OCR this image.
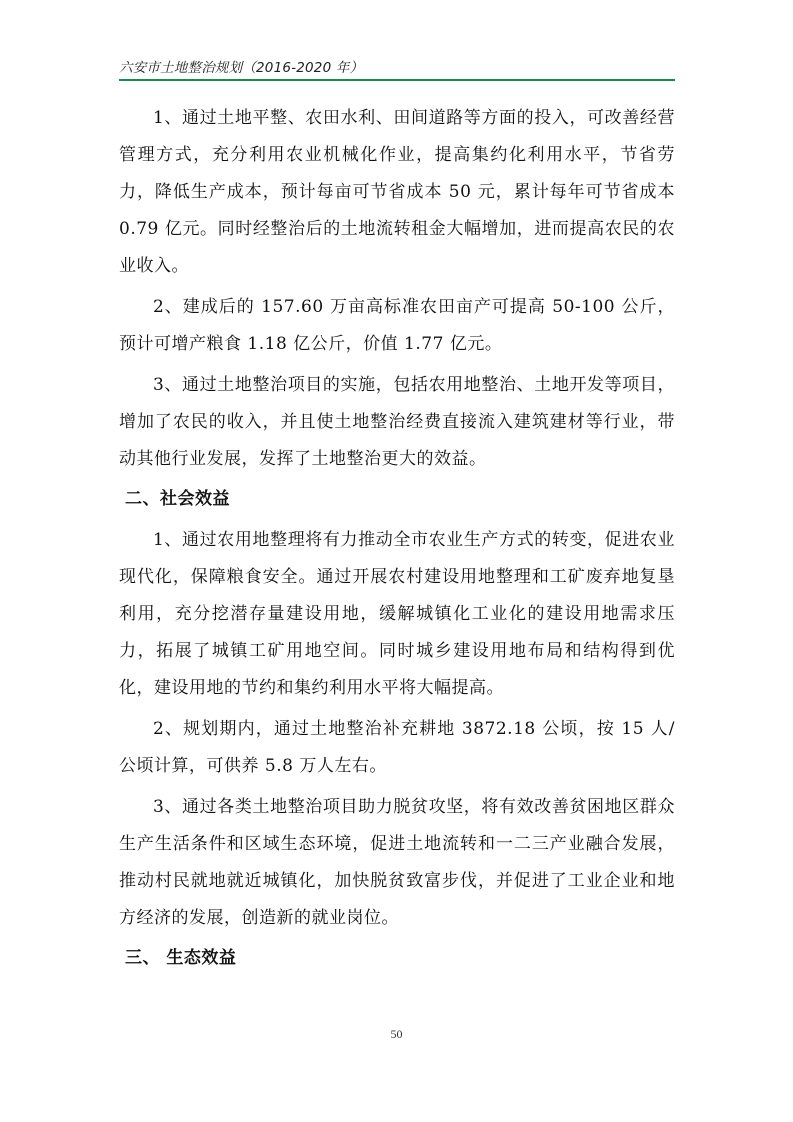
六安市土地整治规划（2016-2020 年）

1、通过土地平整、农田水利、田间道路等方面的投入，可改善经营管理方式，充分利用农业机械化作业，提高集约化利用水平，节省劳力，降低生产成本，预计每亩可节省成本 50 元，累计每年可节省成本 0.79 亿元。同时经整治后的土地流转租金大幅增加，进而提高农民的农业收入。

2、建成后的 157.60 万亩高标准农田亩产可提高 50-100 公斤，预计可增产粮食 1.18 亿公斤，价值 1.77 亿元。

3、通过土地整治项目的实施，包括农用地整治、土地开发等项目，增加了农民的收入，并且使土地整治经费直接流入建筑建材等行业，带动其他行业发展，发挥了土地整治更大的效益。

二、社会效益

1、通过农用地整理将有力推动全市农业生产方式的转变，促进农业现代化，保障粮食安全。通过开展农村建设用地整理和工矿废弃地复垦利用，充分挖潜存量建设用地，缓解城镇化工业化的建设用地需求压力，拓展了城镇工矿用地空间。同时城乡建设用地布局和结构得到优化，建设用地的节约和集约利用水平将大幅提高。

2、规划期内，通过土地整治补充耕地 3872.18 公顷，按 15 人/公顷计算，可供养 5.8 万人左右。

3、通过各类土地整治项目助力脱贫攻坚，将有效改善贫困地区群众生产生活条件和区域生态环境，促进土地流转和一二三产业融合发展，推动村民就地就近城镇化，加快脱贫致富步伐，并促进了工业企业和地方经济的发展，创造新的就业岗位。

三、 生态效益
50
